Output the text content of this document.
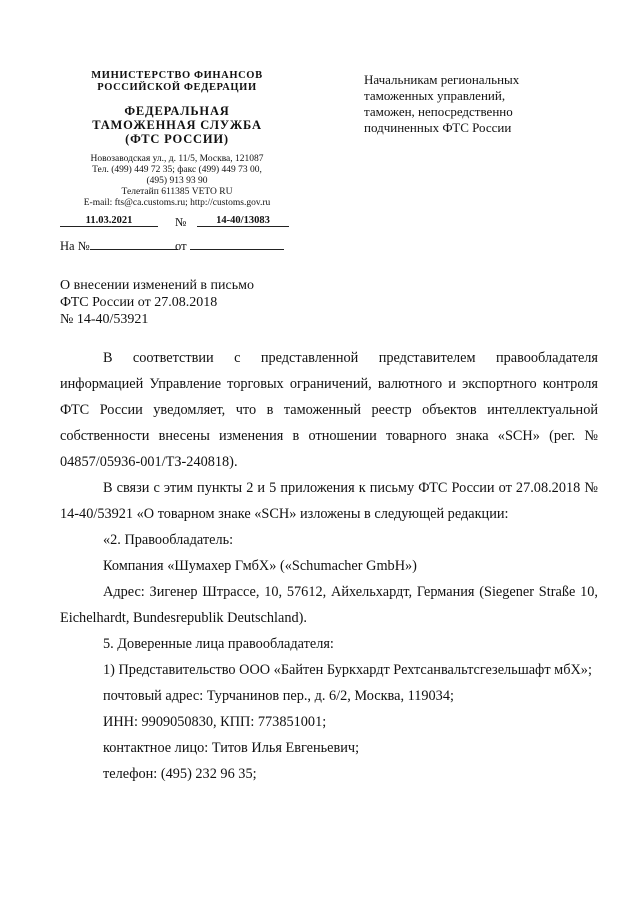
МИНИСТЕРСТВО ФИНАНСОВ
РОССИЙСКОЙ ФЕДЕРАЦИИ
ФЕДЕРАЛЬНАЯ
ТАМОЖЕННАЯ СЛУЖБА
(ФТС РОССИИ)
Новозаводская ул., д. 11/5, Москва, 121087
Тел. (499) 449 72 35; факс (499) 449 73 00,
(495) 913 93 90
Телетайп 611385 VETO RU
E-mail: fts@ca.customs.ru; http://customs.gov.ru
11.03.2021	№	14-40/13083
На №	от
Начальникам региональных
таможенных управлений,
таможен, непосредственно
подчиненных ФТС России
О внесении изменений в письмо
ФТС России от 27.08.2018
№ 14-40/53921

В соответствии с представленной представителем правообладателя информацией Управление торговых ограничений, валютного и экспортного контроля ФТС России уведомляет, что в таможенный реестр объектов интеллектуальной собственности внесены изменения в отношении товарного знака «SCH» (рег. № 04857/05936-001/ТЗ-240818).

В связи с этим пункты 2 и 5 приложения к письму ФТС России от 27.08.2018 № 14-40/53921 «О товарном знаке «SCH» изложены в следующей редакции:

«2. Правообладатель:

Компания «Шумахер ГмбХ» («Schumacher GmbH»)

Адрес: Зигенер Штрассе, 10, 57612, Айхельхардт, Германия (Siegener Straße 10, Eichelhardt, Bundesrepublik Deutschland).

5. Доверенные лица правообладателя:

1) Представительство ООО «Байтен Буркхардт Рехтсанвальтсгезельшафт мбХ»;

почтовый адрес: Турчанинов пер., д. 6/2, Москва, 119034;

ИНН: 9909050830, КПП: 773851001;

контактное лицо: Титов Илья Евгеньевич;

телефон: (495) 232 96 35;
